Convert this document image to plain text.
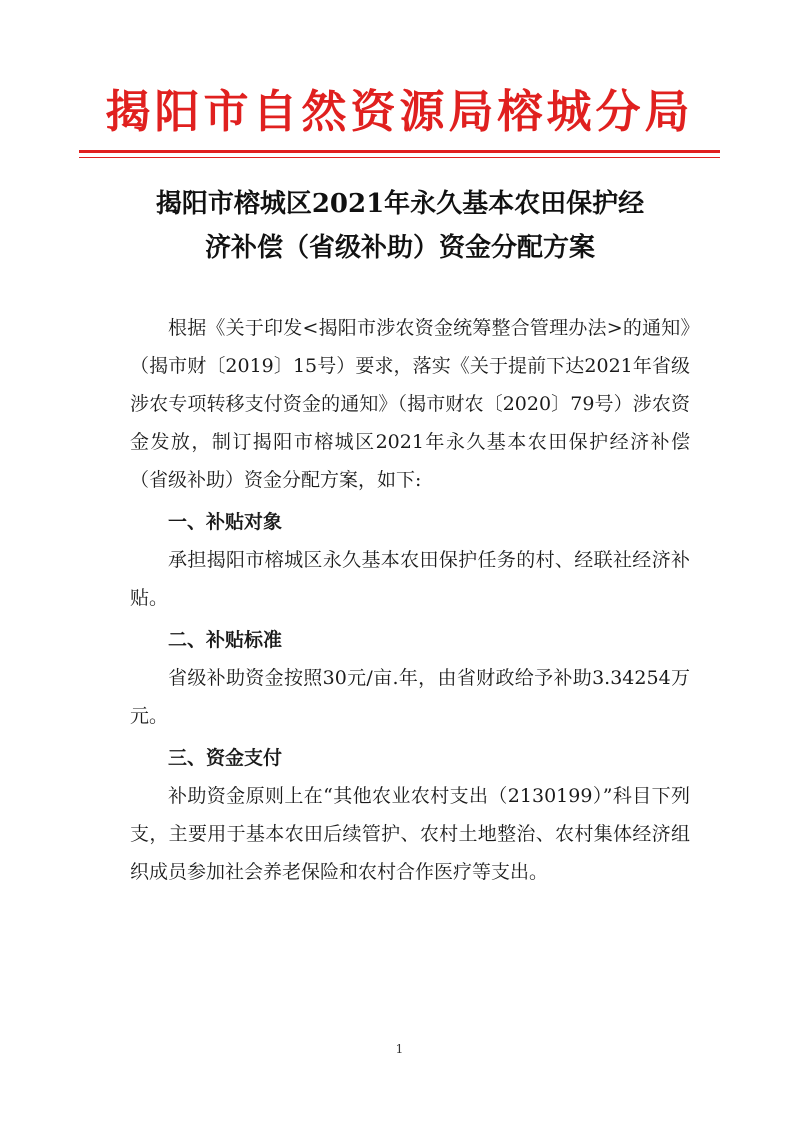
揭阳市自然资源局榕城分局
揭阳市榕城区2021年永久基本农田保护经
济补偿（省级补助）资金分配方案

根据《关于印发<揭阳市涉农资金统筹整合管理办法>的通知》（揭市财〔2019〕15号）要求，落实《关于提前下达2021年省级涉农专项转移支付资金的通知》（揭市财农〔2020〕79号）涉农资金发放，制订揭阳市榕城区2021年永久基本农田保护经济补偿（省级补助）资金分配方案，如下:

一、补贴对象

承担揭阳市榕城区永久基本农田保护任务的村、经联社经济补贴。

二、补贴标准

省级补助资金按照30元/亩.年，由省财政给予补助3.34254万元。

三、资金支付

补助资金原则上在“其他农业农村支出（2130199）”科目下列支，主要用于基本农田后续管护、农村土地整治、农村集体经济组织成员参加社会养老保险和农村合作医疗等支出。

1
